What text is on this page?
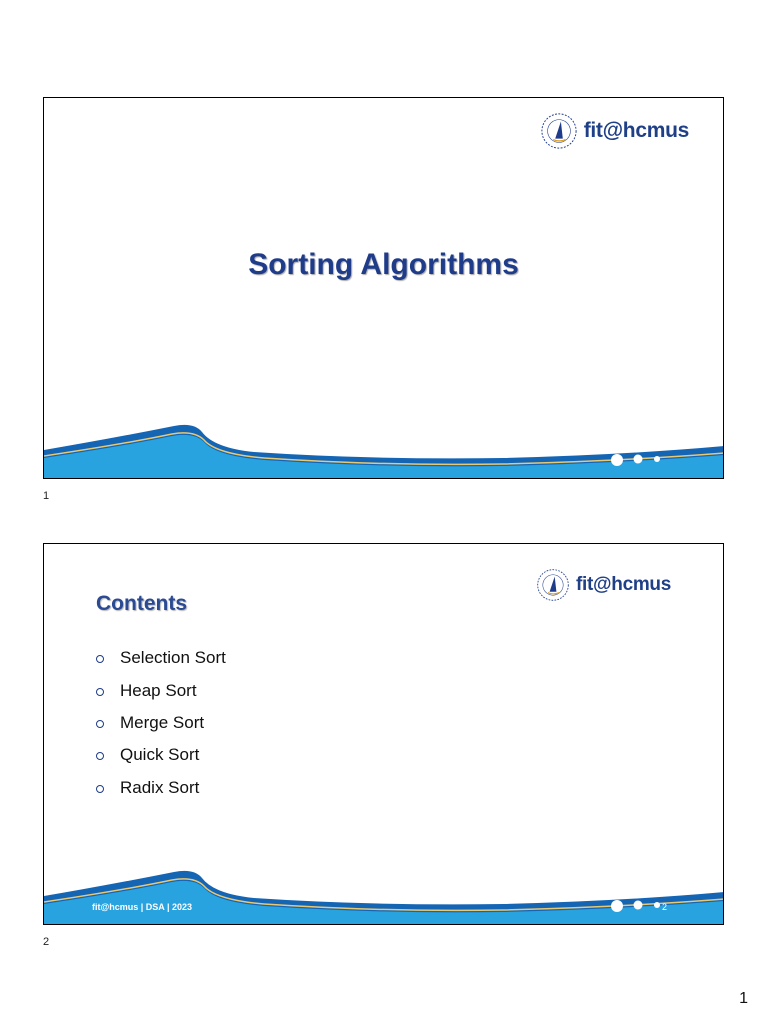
fit@hcmus
Sorting Algorithms
1
fit@hcmus
Contents
Selection Sort
Heap Sort
Merge Sort
Quick Sort
Radix Sort
fit@hcmus | DSA | 2023	2
2
1
